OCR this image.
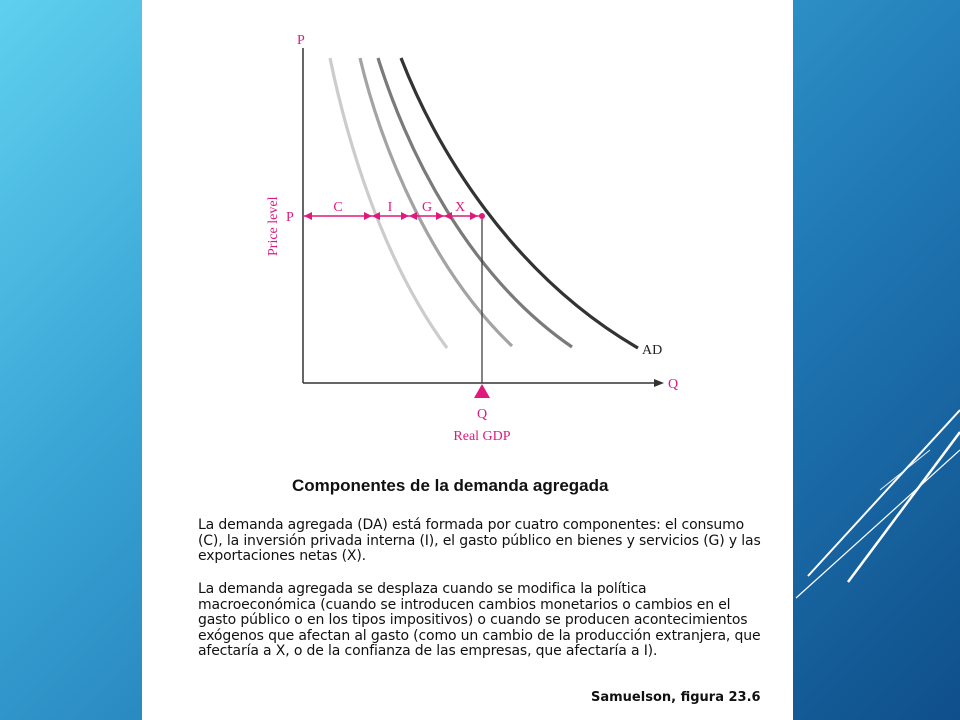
P
Q
P
Price level	C	I G X
AD
Q
Real GDP
Componentes de la demanda agregada
La demanda agregada (DA) está formada por cuatro componentes: el consumo (C), la inversión privada interna (I), el gasto público en bienes y servicios (G) y las exportaciones netas (X).
La demanda agregada se desplaza cuando se modifica la política macroeconómica (cuando se introducen cambios monetarios o cambios en el gasto público o en los tipos impositivos) o cuando se producen acontecimientos exógenos que afectan al gasto (como un cambio de la producción extranjera, que afectaría a X, o de la confianza de las empresas, que afectaría a I).
Samuelson, figura 23.6
